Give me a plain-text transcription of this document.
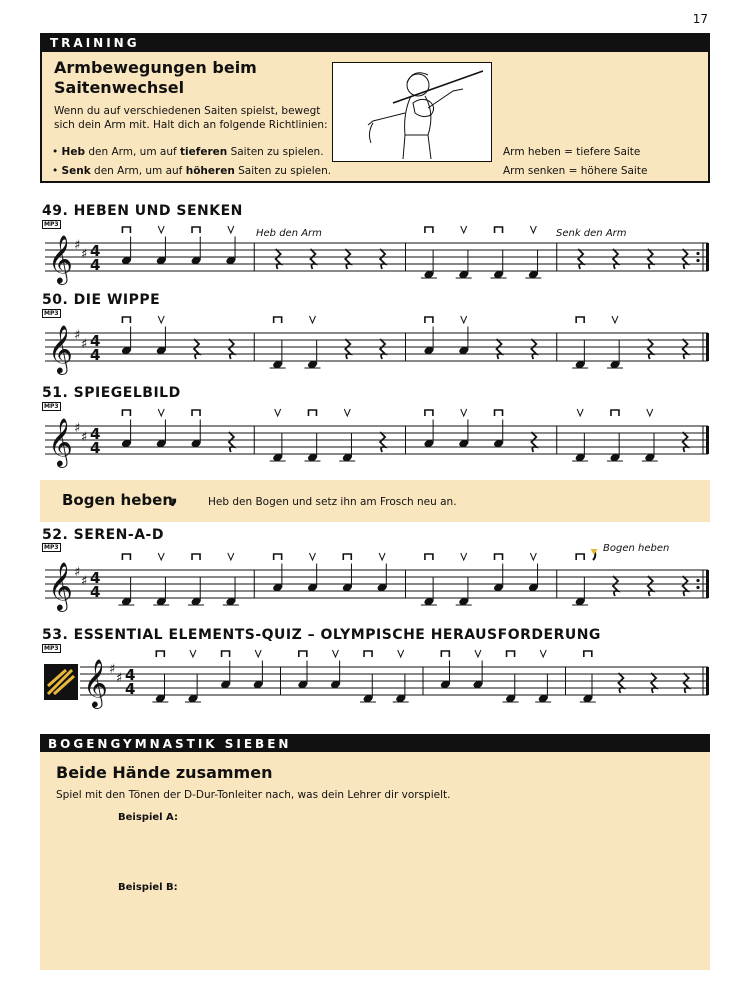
17
TRAINING
Armbewegungen beim
Saitenwechsel
Wenn du auf verschiedenen Saiten spielst, bewegt
sich dein Arm mit. Halt dich an folgende Richtlinien:
• Heb den Arm, um auf tieferen Saiten zu spielen.
• Senk den Arm, um auf höheren Saiten zu spielen.
Arm heben = tiefere Saite
Arm senken = höhere Saite
𝄞 ♯
♯ 4
4
𝄞 ♯
♯ 4
4
𝄞 ♯
♯ 4
4
𝄞 ♯
♯ 4
4
𝄞 ♯
♯ 4
4
49. HEBEN UND SENKEN
MP3
Heb den Arm	Senk den Arm
50. DIE WIPPE
MP3
51. SPIEGELBILD
MP3
Bogen heben
,	Heb den Bogen und setz ihn am Frosch neu an.
52. SEREN-A-D
MP3	Bogen heben
53. ESSENTIAL ELEMENTS-QUIZ – OLYMPISCHE HERAUSFORDERUNG
MP3
BOGENGYMNASTIK SIEBEN
Beide Hände zusammen
Spiel mit den Tönen der D-Dur-Tonleiter nach, was dein Lehrer dir vorspielt.
Beispiel A:
Beispiel B:
